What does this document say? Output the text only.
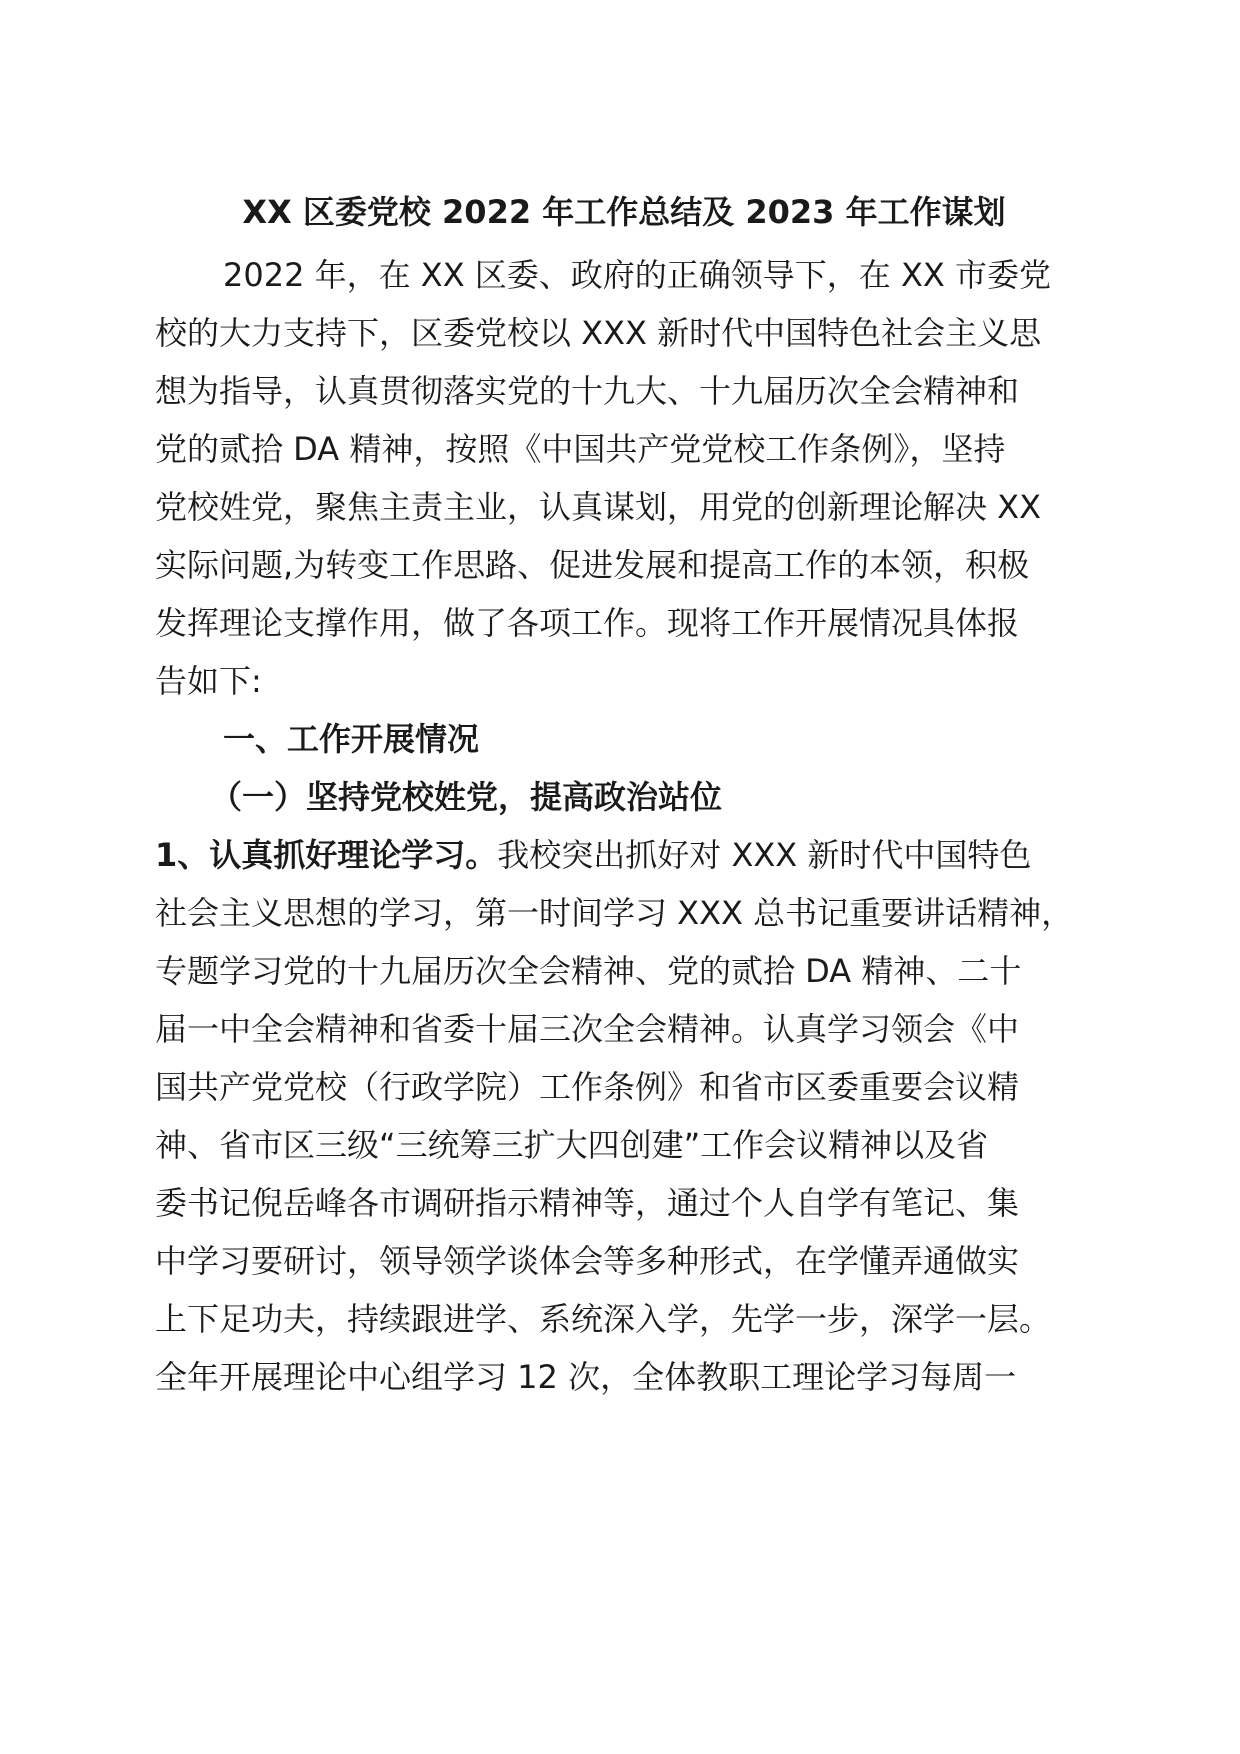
XX 区委党校 2022 年工作总结及 2023 年工作谋划
2022 年，在 XX 区委、政府的正确领导下，在 XX 市委党
校的大力支持下，区委党校以 XXX 新时代中国特色社会主义思
想为指导，认真贯彻落实党的十九大、十九届历次全会精神和
党的贰拾 DA 精神，按照《中国共产党党校工作条例》，坚持
党校姓党，聚焦主责主业，认真谋划，用党的创新理论解决 XX
实际问题,为转变工作思路、促进发展和提高工作的本领，积极
发挥理论支撑作用，做了各项工作。现将工作开展情况具体报
告如下:
一、工作开展情况
（一）坚持党校姓党，提高政治站位
1、认真抓好理论学习。我校突出抓好对 XXX 新时代中国特色
社会主义思想的学习，第一时间学习 XXX 总书记重要讲话精神，
专题学习党的十九届历次全会精神、党的贰拾 DA 精神、二十
届一中全会精神和省委十届三次全会精神。认真学习领会《中
国共产党党校（行政学院）工作条例》和省市区委重要会议精
神、省市区三级“三统筹三扩大四创建”工作会议精神以及省
委书记倪岳峰各市调研指示精神等，通过个人自学有笔记、集
中学习要研讨，领导领学谈体会等多种形式，在学懂弄通做实
上下足功夫，持续跟进学、系统深入学，先学一步，深学一层。
全年开展理论中心组学习 12 次，全体教职工理论学习每周一
